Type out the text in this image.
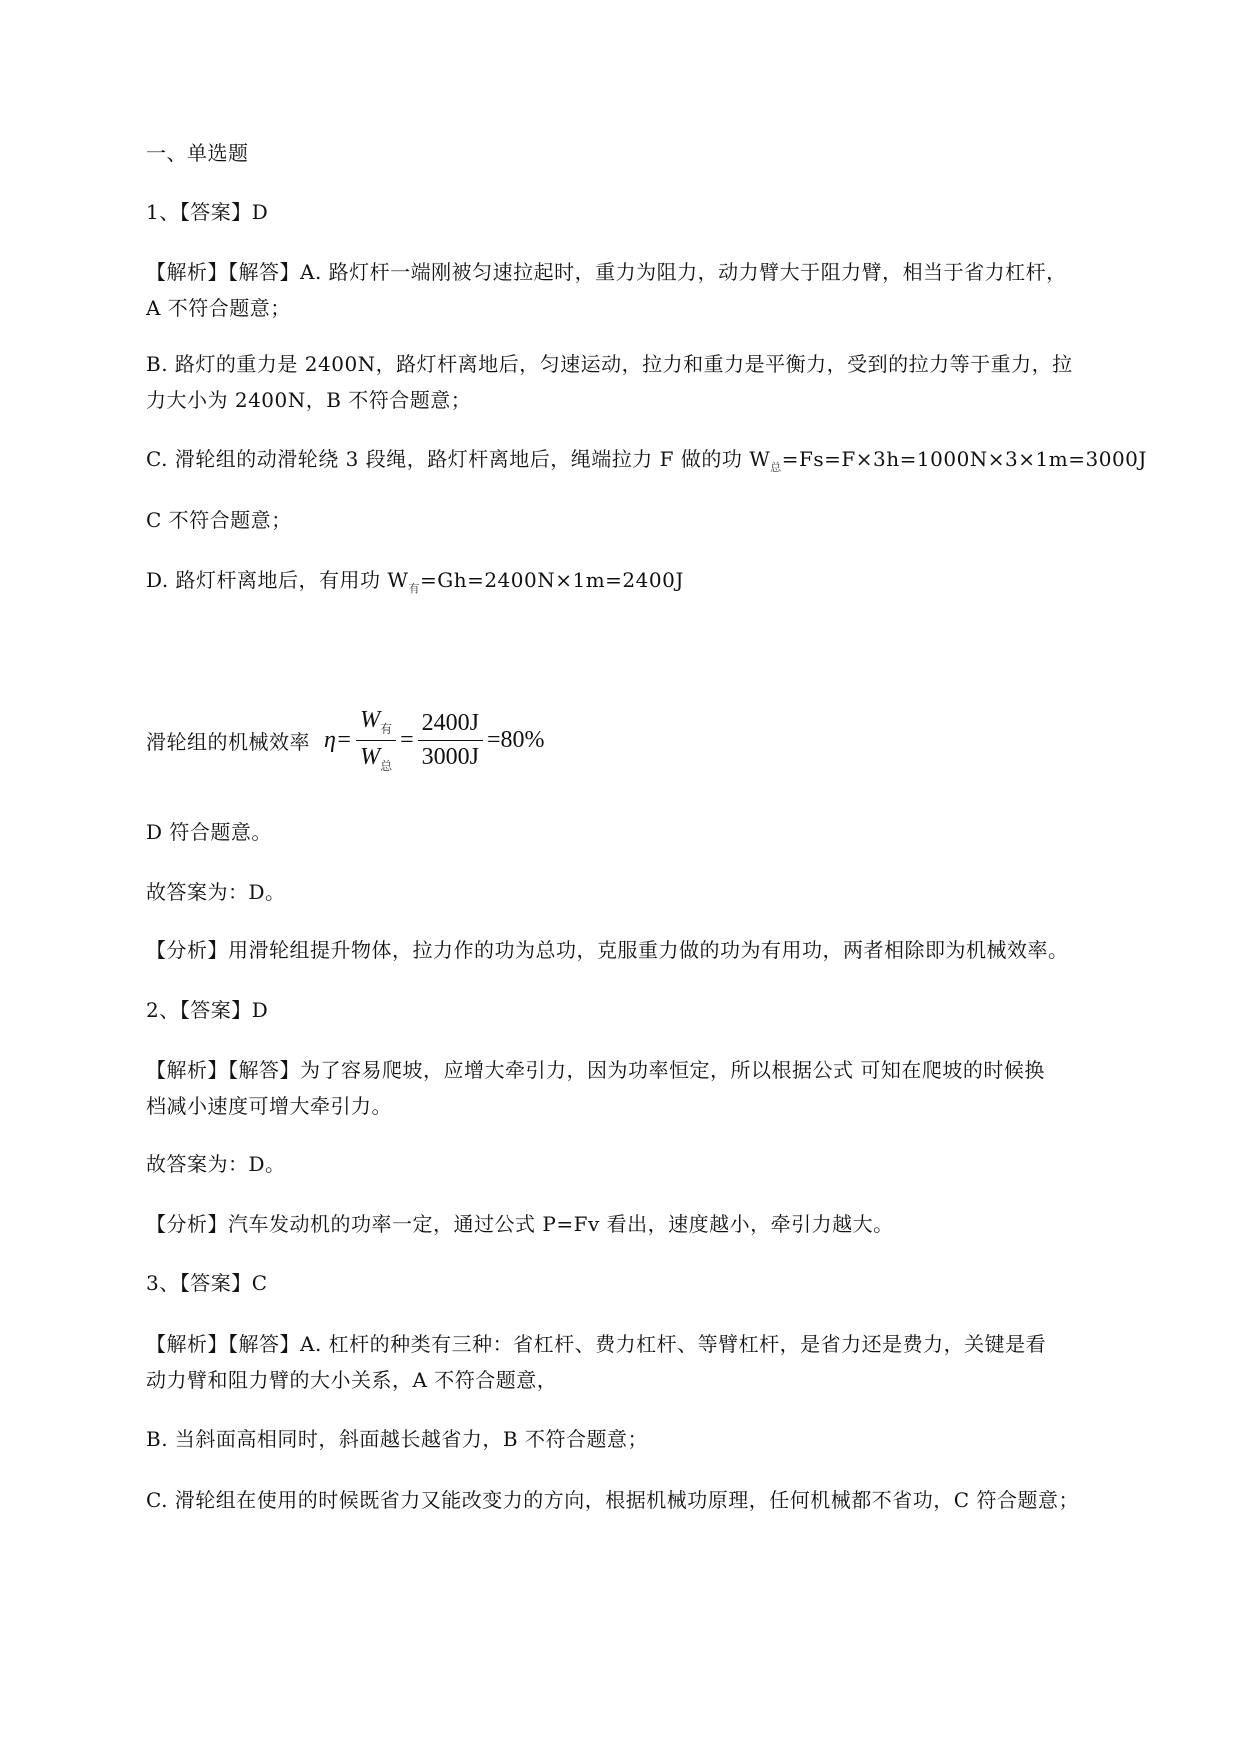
一、单选题
1、【答案】D
【解析】【解答】A. 路灯杆一端刚被匀速拉起时，重力为阻力，动力臂大于阻力臂，相当于省力杠杆，
A 不符合题意；
B. 路灯的重力是 2400N，路灯杆离地后，匀速运动，拉力和重力是平衡力，受到的拉力等于重力，拉
力大小为 2400N，B 不符合题意；
C. 滑轮组的动滑轮绕 3 段绳，路灯杆离地后，绳端拉力 F 做的功 $W_总=Fs=F\times 3h=1000N\times 3\times 1m=3000J$
C 不符合题意；
D. 路灯杆离地后，有用功 $W_有=Gh=2400N\times 1m=2400J$
滑轮组的机械效率 $\eta= \frac{W_有}{W_总} = \frac{2400J}{3000J} =80\%$
D 符合题意。
故答案为：D。
【分析】用滑轮组提升物体，拉力作的功为总功，克服重力做的功为有用功，两者相除即为机械效率。
2、【答案】D
【解析】【解答】为了容易爬坡，应增大牵引力，因为功率恒定，所以根据公式 可知在爬坡的时候换
档减小速度可增大牵引力。
故答案为：D。
【分析】汽车发动机的功率一定，通过公式 P=Fv 看出，速度越小，牵引力越大。
3、【答案】C
【解析】【解答】A. 杠杆的种类有三种：省杠杆、费力杠杆、等臂杠杆，是省力还是费力，关键是看
动力臂和阻力臂的大小关系，A 不符合题意，
B. 当斜面高相同时，斜面越长越省力，B 不符合题意；
C. 滑轮组在使用的时候既省力又能改变力的方向，根据机械功原理，任何机械都不省功，C 符合题意；
